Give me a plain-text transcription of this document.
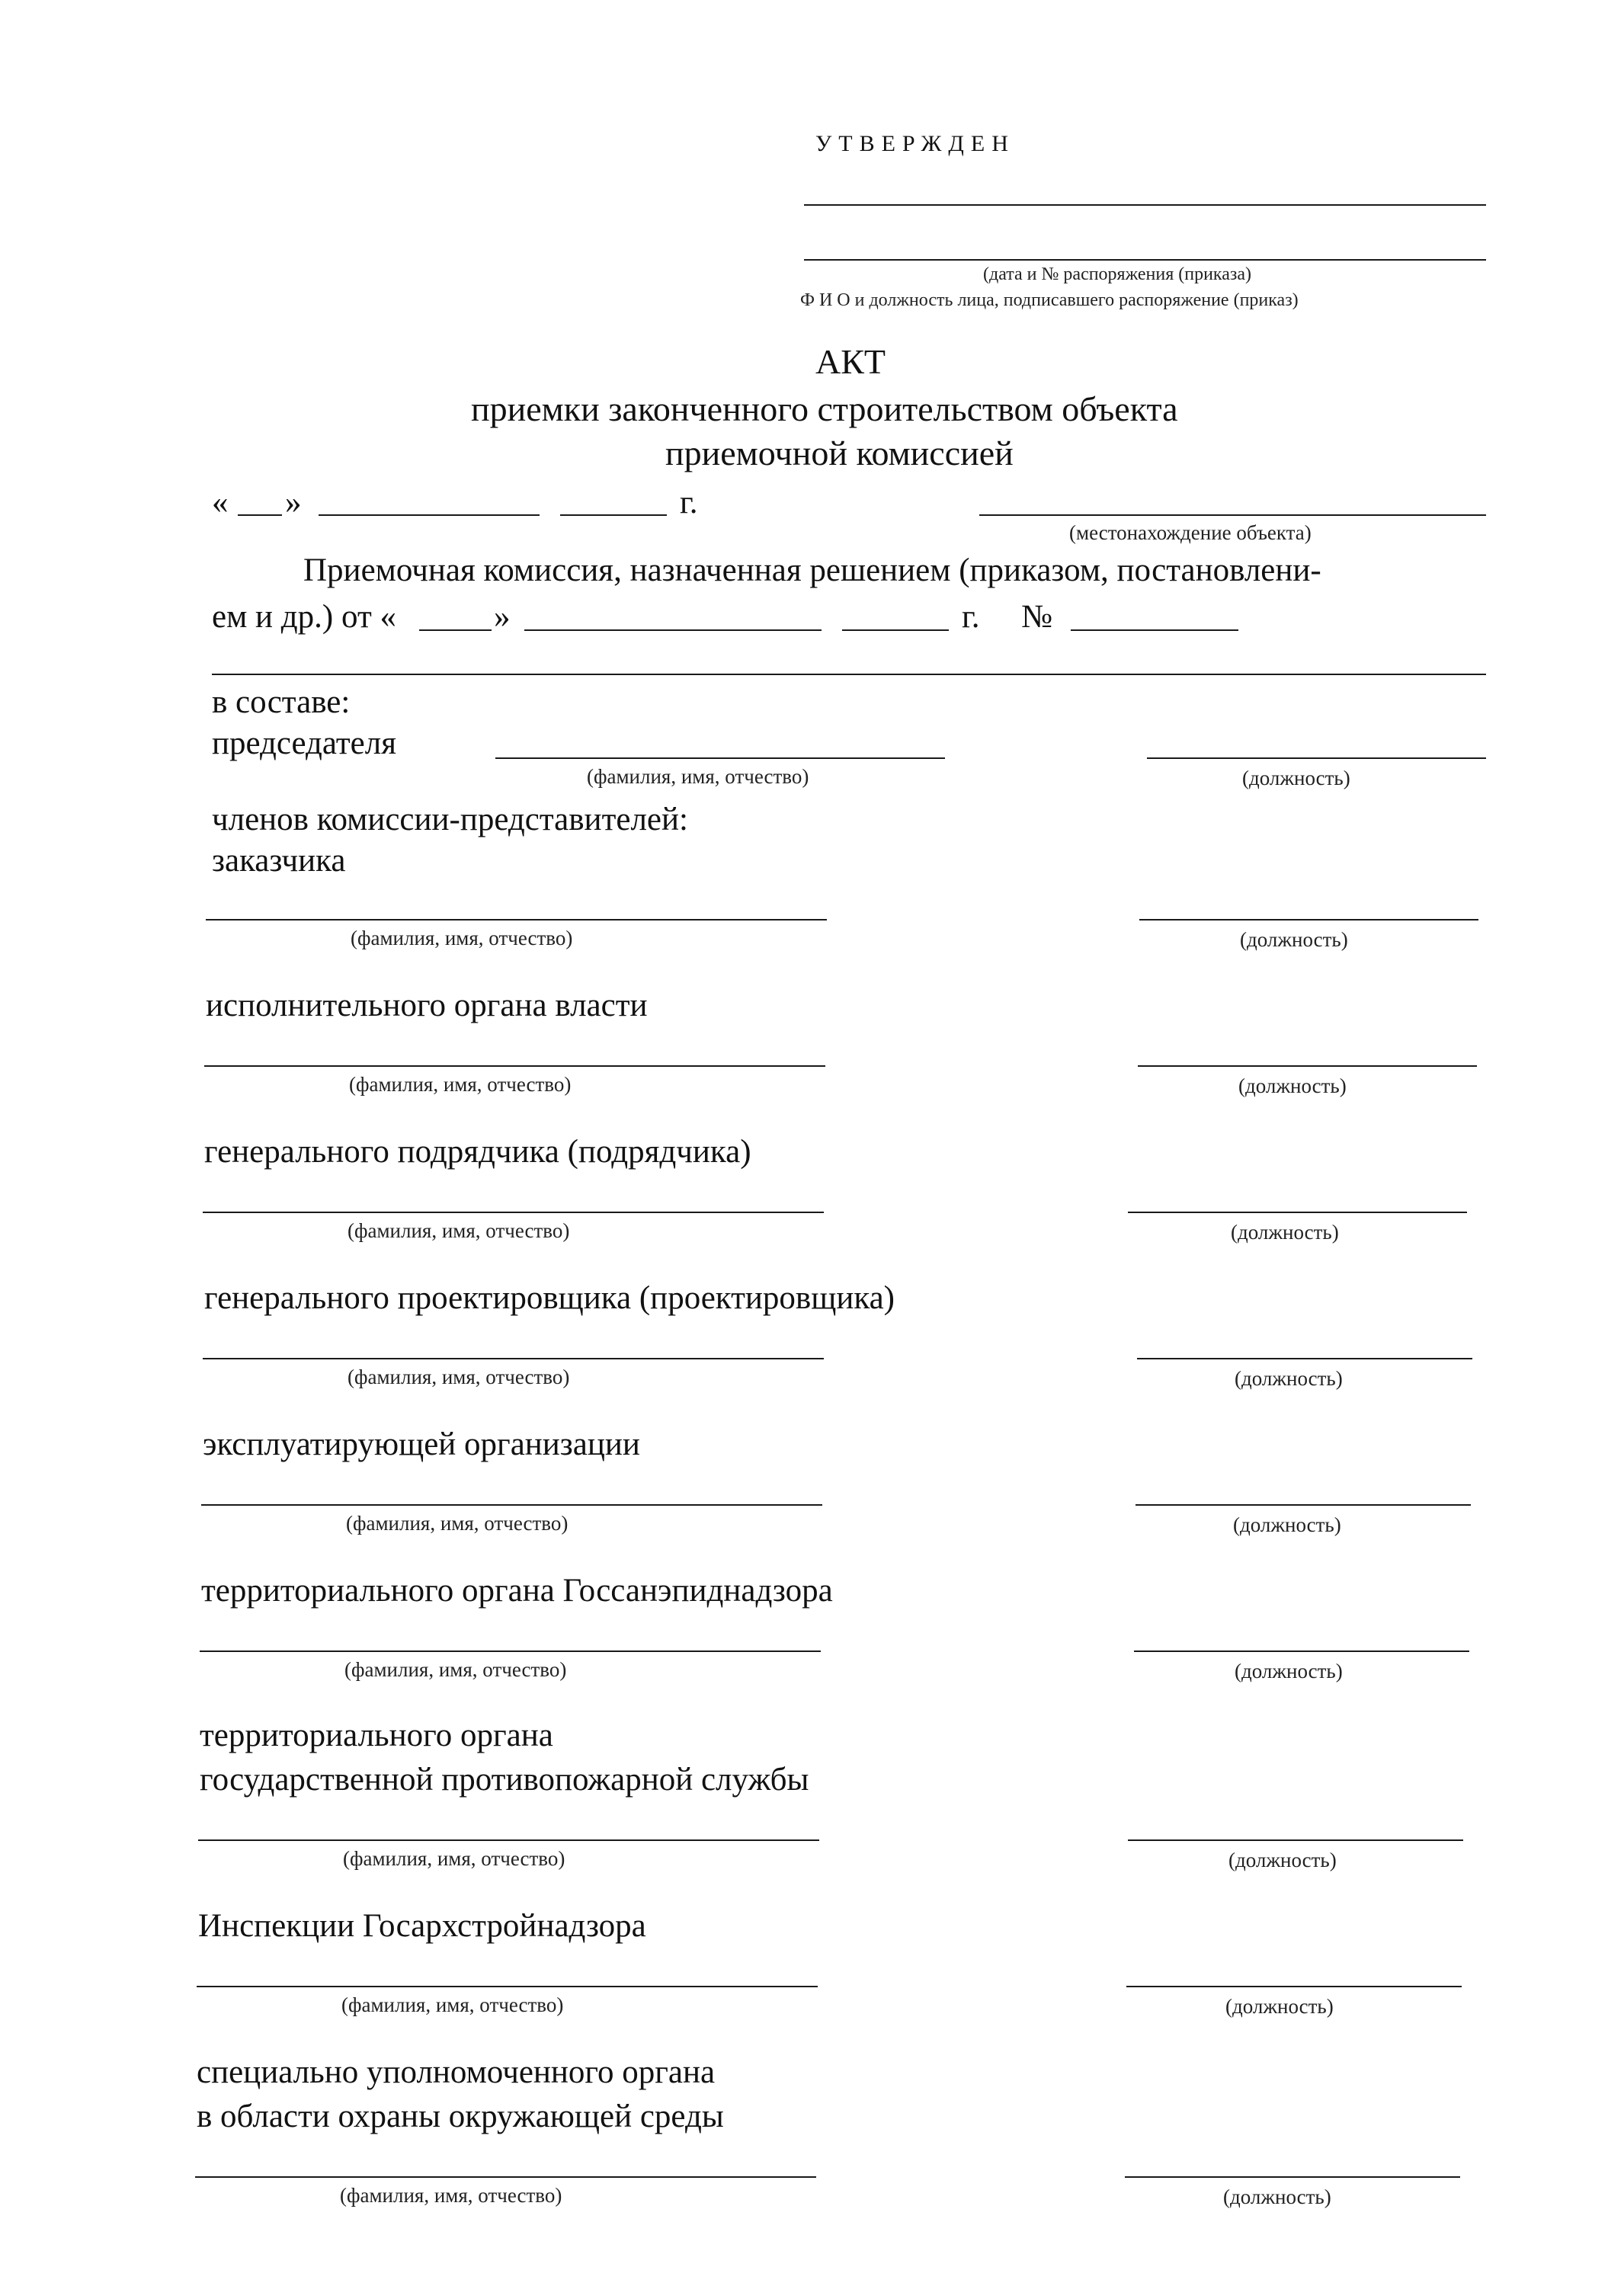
УТВЕРЖДЕН
(дата и № распоряжения (приказа)
Ф И О и должность лица, подписавшего распоряжение (приказ)
АКТ
приемки законченного строительством объекта
приемочной комиссией
« »	г.
(местонахождение объекта)
Приемочная комиссия, назначенная решением (приказом, постановлени-
ем и др.) от «	»	г. №
в составе:
председателя
(фамилия, имя, отчество)	(должность)
членов комиссии-представителей:
заказчика
(фамилия, имя, отчество)	(должность)
исполнительного органа власти
(фамилия, имя, отчество)	(должность)
генерального подрядчика (подрядчика)
(фамилия, имя, отчество)	(должность)
генерального проектировщика (проектировщика)
(фамилия, имя, отчество)	(должность)
эксплуатирующей организации
(фамилия, имя, отчество)	(должность)
территориального органа Госсанэпиднадзора
(фамилия, имя, отчество)	(должность)
территориального органа
государственной противопожарной службы
(фамилия, имя, отчество)	(должность)
Инспекции Госархстройнадзора
(фамилия, имя, отчество)	(должность)
специально уполномоченного органа
в области охраны окружающей среды
(фамилия, имя, отчество)	(должность)
